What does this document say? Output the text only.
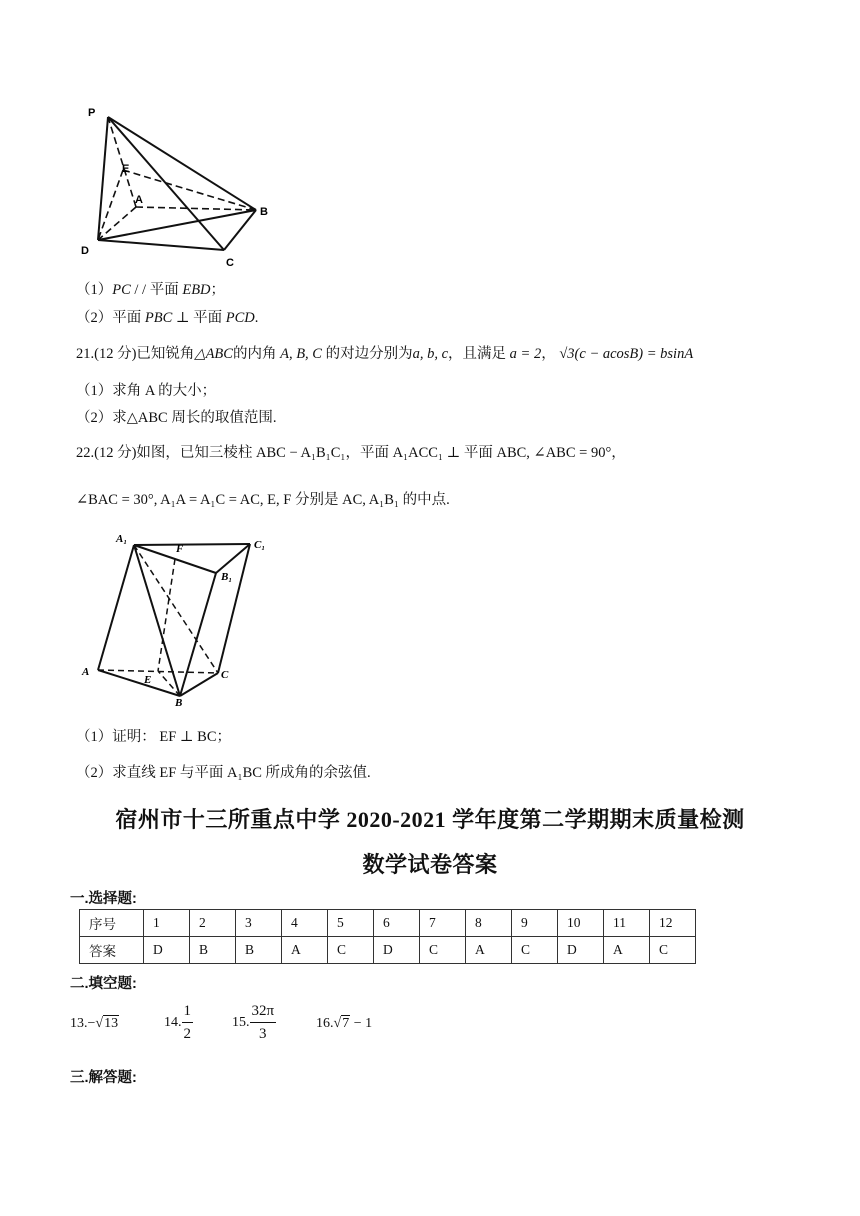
P
E
A
B
D
C
（1）PC / / 平面 EBD；
（2）平面 PBC ⊥ 平面 PCD.
21.(12 分)已知锐角△ABC的内角 A, B, C 的对边分别为a, b, c，且满足 a = 2， √3(c − acosB) = bsinA
（1）求角 A 的大小；
（2）求△ABC 周长的取值范围.
22.(12 分)如图，已知三棱柱 ABC − A₁B₁C₁，平面 A₁ACC₁ ⊥ 平面 ABC, ∠ABC = 90°，
∠BAC = 30°, A₁A = A₁C = AC, E, F 分别是 AC, A₁B₁ 的中点.
A₁
F	C₁
B₁
A
E	C
B
（1）证明： EF ⊥ BC；
（2）求直线 EF 与平面 A₁BC 所成角的余弦值.
宿州市十三所重点中学 2020-2021 学年度第二学期期末质量检测
数学试卷答案
一.选择题:
序号	1	2	3	4	5	6	7	8	9	10	11	12
答案	D	B	B	A	C	D	C	A	C	D	A	C
二.填空题:
13.−√13	14. $\frac{1}{2}$	15. $\frac{32\pi}{3}$	16.√7 − 1
三.解答题:
